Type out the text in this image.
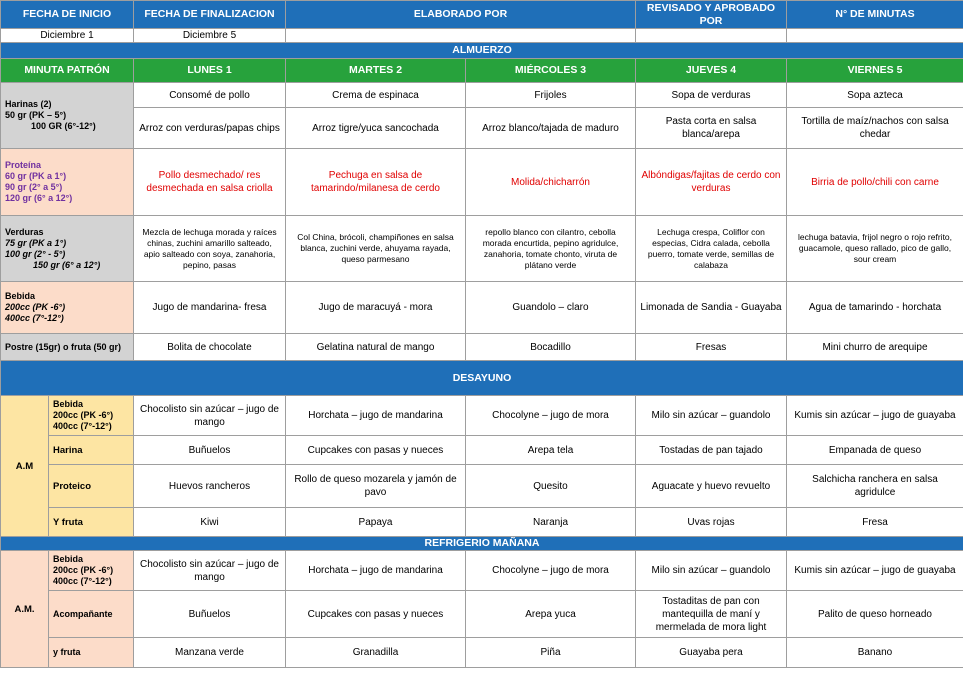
FECHA DE INICIO		FECHA DE FINALIZACION	ELABORADO POR		REVISADO Y APROBADO POR	N° DE MINUTAS
Diciembre 1		Diciembre 5				
ALMUERZO						
MINUTA PATRÓN		LUNES 1	MARTES 2	MIÉRCOLES 3	JUEVES 4	VIERNES 5

Harinas (2)
50 gr (PK – 5°)
100 GR (6°-12°)		Consomé de pollo	Crema de espinaca	Frijoles	Sopa de verduras	Sopa azteca
		Arroz con verduras/papas chips	Arroz tigre/yuca sancochada	Arroz blanco/tajada de maduro	Pasta corta en salsa blanca/arepa	Tortilla de maíz/nachos con salsa chedar

Proteína
60 gr (PK a 1°)
90 gr (2° a 5°)
120 gr (6° a 12°)		Pollo desmechado/ res desmechada en salsa criolla	Pechuga en salsa de tamarindo/milanesa de cerdo	Molida/chicharrón	Albóndigas/fajitas de cerdo con verduras	Birria de pollo/chili con carne

Verduras
75 gr (PK a 1°)
100 gr (2° - 5°)
150 gr (6° a 12°)		Mezcla de lechuga morada y raíces chinas, zuchini amarillo salteado, apio salteado con soya, zanahoria, pepino, pasas	Col China, brócoli, champiñones en salsa blanca, zuchini verde, ahuyama rayada, queso parmesano	repollo blanco con cilantro, cebolla morada encurtida, pepino agridulce, zanahoria, tomate chonto, viruta de plátano verde	Lechuga crespa, Coliflor con especias, Cidra calada, cebolla puerro, tomate verde, semillas de calabaza	lechuga batavia, frijol negro o rojo refrito, guacamole, queso rallado, pico de gallo, sour cream

Bebida
200cc (PK -6°)
400cc (7°-12°)		Jugo de mandarina- fresa	Jugo de maracuyá - mora	Guandolo – claro	Limonada de Sandia - Guayaba	Agua de tamarindo - horchata
Postre (15gr) o fruta (50 gr)		Bolita de chocolate	Gelatina natural de mango	Bocadillo	Fresas	Mini churro de arequipe
DESAYUNO						
A.M	Bebida
200cc (PK -6°)
400cc (7°-12°)	Chocolisto sin azúcar – jugo de mango	Horchata – jugo de mandarina	Chocolyne – jugo de mora	Milo sin azúcar – guandolo	Kumis sin azúcar – jugo de guayaba
	Harina	Buñuelos	Cupcakes con pasas y nueces	Arepa tela	Tostadas de pan tajado	Empanada de queso
	Proteico	Huevos rancheros	Rollo de queso mozarela y jamón de pavo	Quesito	Aguacate y huevo revuelto	Salchicha ranchera en salsa agridulce
	Y fruta	Kiwi	Papaya	Naranja	Uvas rojas	Fresa
REFRIGERIO MAÑANA						
A.M.	Bebida
200cc (PK -6°)
400cc (7°-12°)	Chocolisto sin azúcar – jugo de mango	Horchata – jugo de mandarina	Chocolyne – jugo de mora	Milo sin azúcar – guandolo	Kumis sin azúcar – jugo de guayaba
	Acompañante	Buñuelos	Cupcakes con pasas y nueces	Arepa yuca	Tostaditas de pan con mantequilla de maní y mermelada de mora light	Palito de queso horneado
	y fruta	Manzana verde	Granadilla	Piña	Guayaba pera	Banano
